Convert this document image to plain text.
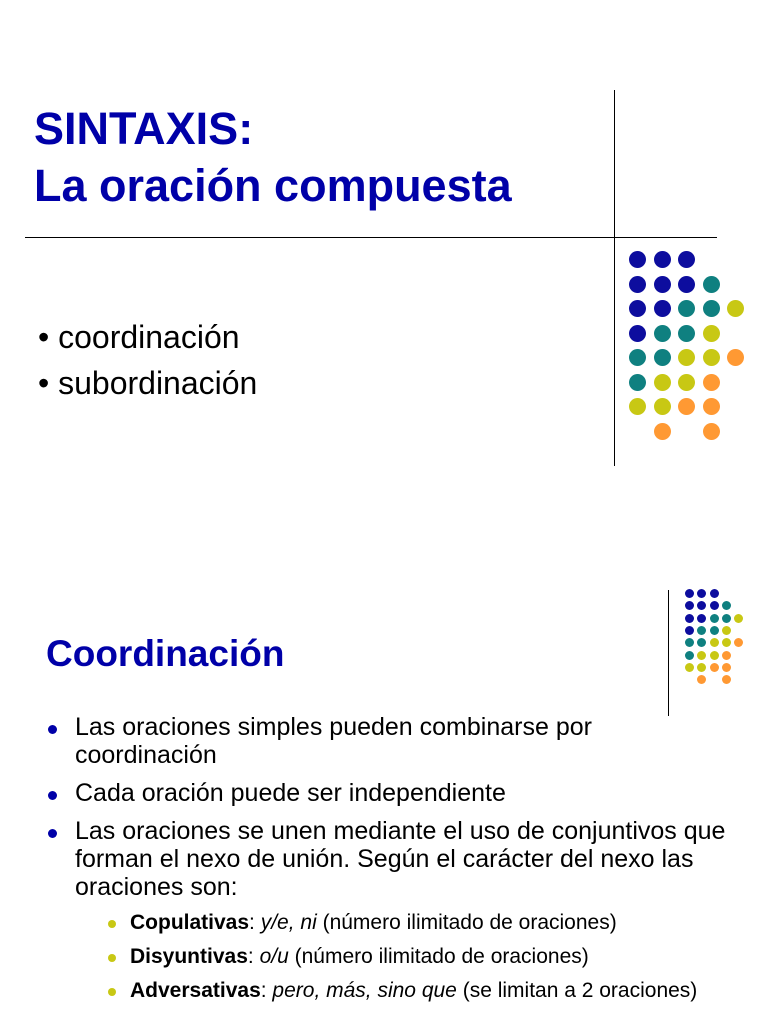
SINTAXIS:
La oración compuesta
• coordinación
• subordinación
Coordinación
Las oraciones simples pueden combinarse por coordinación
Cada oración puede ser independiente
Las oraciones se unen mediante el uso de conjuntivos que forman el nexo de unión. Según el carácter del nexo las oraciones son:
Copulativas: y/e, ni (número ilimitado de oraciones)
Disyuntivas: o/u (número ilimitado de oraciones)
Adversativas: pero, más, sino que (se limitan a 2 oraciones)
